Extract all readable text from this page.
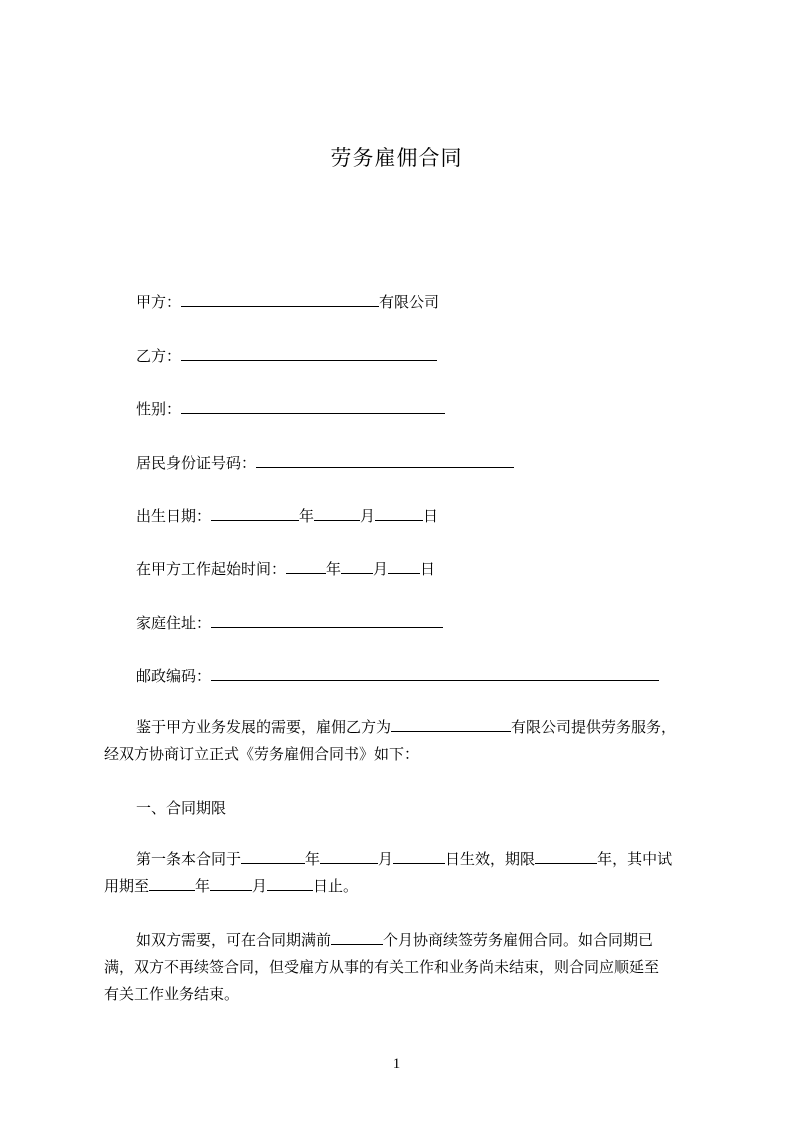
劳务雇佣合同
甲方：	有限公司
乙方：
性别：
居民身份证号码：
出生日期：	年	月	日
在甲方工作起始时间：	年 月 日
家庭住址：
邮政编码：
鉴于甲方业务发展的需要，雇佣乙方为	有限公司提供劳务服务，
经双方协商订立正式《劳务雇佣合同书》如下：
一、合同期限
第一条本合同于	年	月	日生效，期限	年，其中试
用期至	年	月	日止。
如双方需要，可在合同期满前	个月协商续签劳务雇佣合同。如合同期已
满，双方不再续签合同，但受雇方从事的有关工作和业务尚未结束，则合同应顺延至
有关工作业务结束。
1
